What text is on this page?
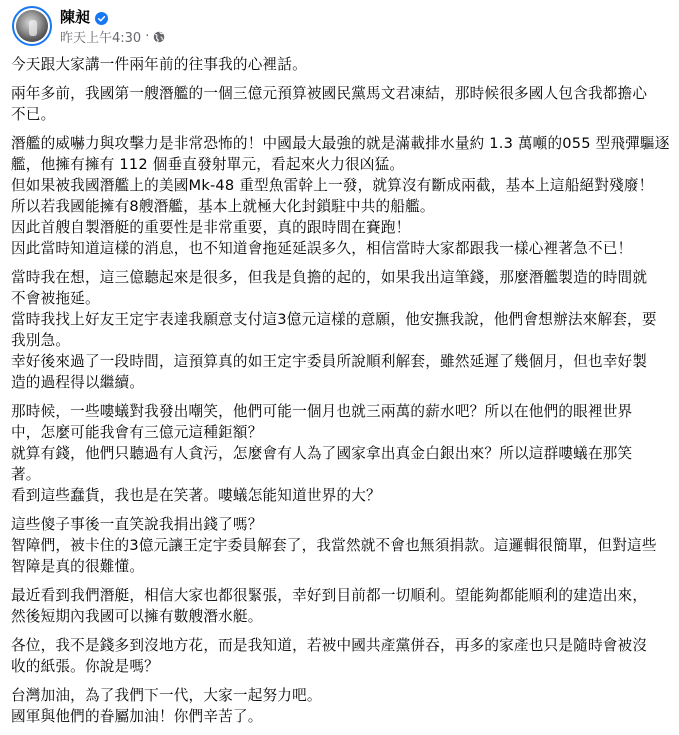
陳昶
昨天上午4:30 ·

今天跟大家講一件兩年前的往事我的心裡話。

兩年多前，我國第一艘潛艦的一個三億元預算被國民黨馬文君凍結，那時候很多國人包含我都擔心
不已。

潛艦的威嚇力與攻擊力是非常恐怖的！中國最大最強的就是滿載排水量約 1.3 萬噸的055 型飛彈驅逐
艦，他擁有擁有 112 個垂直發射單元，看起來火力很凶猛。
但如果被我國潛艦上的美國Mk-48 重型魚雷幹上一發，就算沒有斷成兩截，基本上這船絕對殘廢！
所以若我國能擁有8艘潛艦，基本上就極大化封鎖駐中共的船艦。
因此首艘自製潛艇的重要性是非常重要，真的跟時間在賽跑！
因此當時知道這樣的消息，也不知道會拖延延誤多久，相信當時大家都跟我一樣心裡著急不已！

當時我在想，這三億聽起來是很多，但我是負擔的起的，如果我出這筆錢，那麼潛艦製造的時間就
不會被拖延。
當時我找上好友王定宇表達我願意支付這3億元這樣的意願，他安撫我說，他們會想辦法來解套，要
我別急。
幸好後來過了一段時間，這預算真的如王定宇委員所說順利解套，雖然延遲了幾個月，但也幸好製
造的過程得以繼續。

那時候，一些嘍蟻對我發出嘲笑，他們可能一個月也就三兩萬的薪水吧？所以在他們的眼裡世界
中，怎麼可能我會有三億元這種鉅額？
就算有錢，他們只聽過有人貪污，怎麼會有人為了國家拿出真金白銀出來？所以這群嘍蟻在那笑
著。
看到這些蠢貨，我也是在笑著。嘍蟻怎能知道世界的大？

這些傻子事後一直笑說我捐出錢了嗎？
智障們，被卡住的3億元讓王定宇委員解套了，我當然就不會也無須捐款。這邏輯很簡單，但對這些
智障是真的很難懂。

最近看到我們潛艇，相信大家也都很緊張，幸好到目前都一切順利。望能夠都能順利的建造出來，
然後短期內我國可以擁有數艘潛水艇。

各位，我不是錢多到沒地方花，而是我知道，若被中國共產黨併吞，再多的家產也只是隨時會被沒
收的紙張。你說是嗎？

台灣加油，為了我們下一代，大家一起努力吧。
國軍與他們的眷屬加油！你們辛苦了。
